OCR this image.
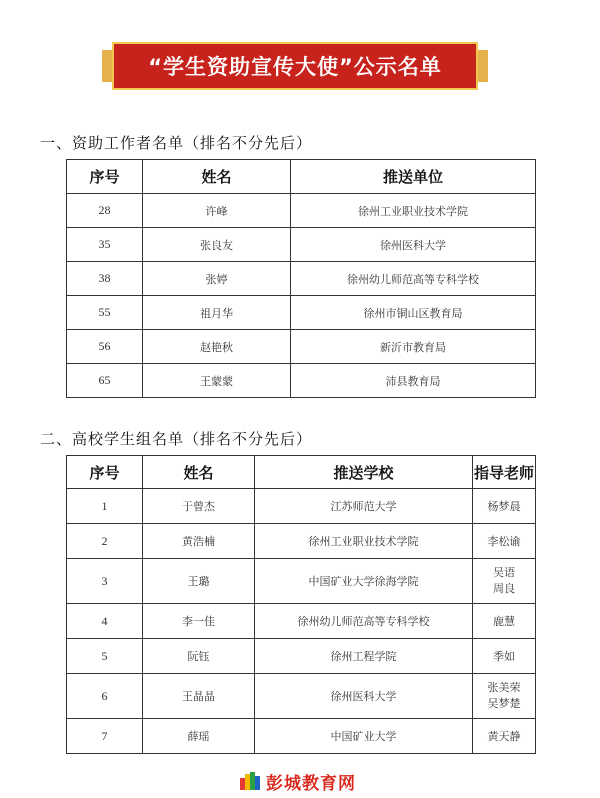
“学生资助宣传大使”公示名单
一、资助工作者名单（排名不分先后）
序号	姓名	推送单位
28	许峰	徐州工业职业技术学院
35	张良友	徐州医科大学
38	张婷	徐州幼儿师范高等专科学校
55	祖月华	徐州市铜山区教育局
56	赵艳秋	新沂市教育局
65	王蒙蒙	沛县教育局
二、高校学生组名单（排名不分先后）
序号	姓名	推送学校	指导老师
1	于曾杰	江苏师范大学	杨梦晨
2	黄浩楠	徐州工业职业技术学院	李松谕
3	王璐	中国矿业大学徐海学院	吴语
周良

4	李一佳	徐州幼儿师范高等专科学校	鹿慧
5	阮钰	徐州工程学院	季如
6	王晶晶	徐州医科大学	张美荣
吴梦楚

7	薛瑶	中国矿业大学	黄天静
彭城教育网
